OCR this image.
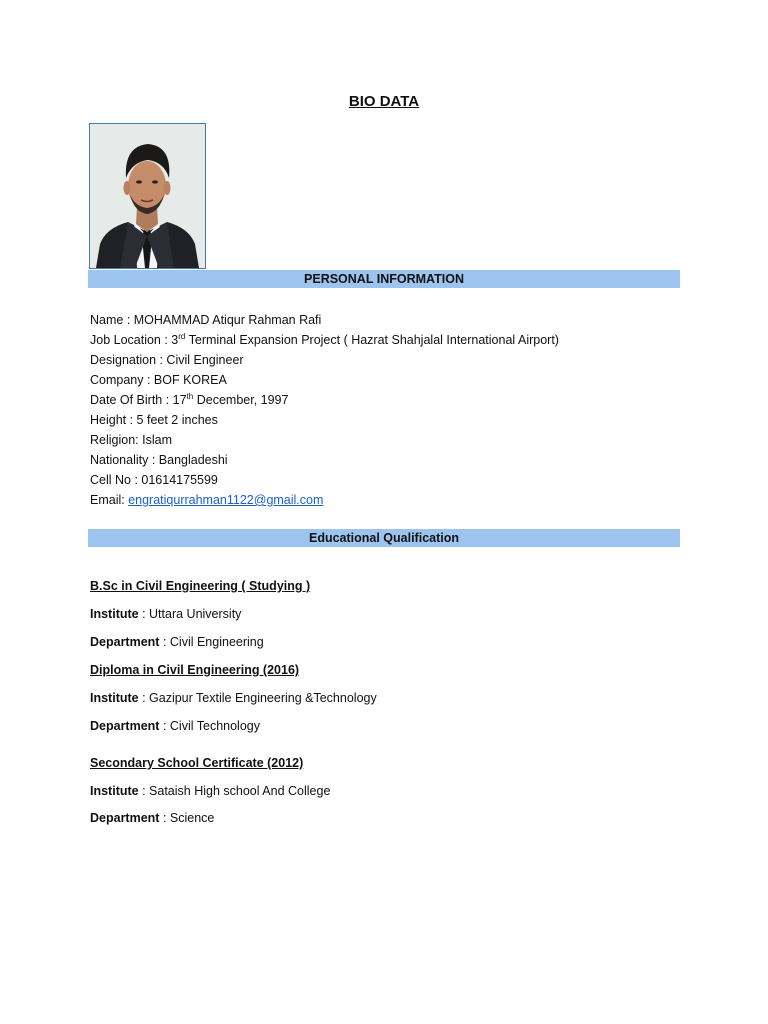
BIO DATA
PERSONAL INFORMATION
Name : MOHAMMAD Atiqur Rahman Rafi
Job Location : 3rd Terminal Expansion Project ( Hazrat Shahjalal International Airport)
Designation : Civil Engineer
Company : BOF KOREA
Date Of Birth : 17th December, 1997
Height : 5 feet 2 inches
Religion: Islam
Nationality : Bangladeshi
Cell No : 01614175599
Email: engratiqurrahman1122@gmail.com
Educational Qualification
B.Sc in Civil Engineering ( Studying )
Institute : Uttara University
Department : Civil Engineering
Diploma in Civil Engineering (2016)
Institute : Gazipur Textile Engineering &Technology
Department : Civil Technology
Secondary School Certificate (2012)
Institute : Sataish High school And College
Department : Science
